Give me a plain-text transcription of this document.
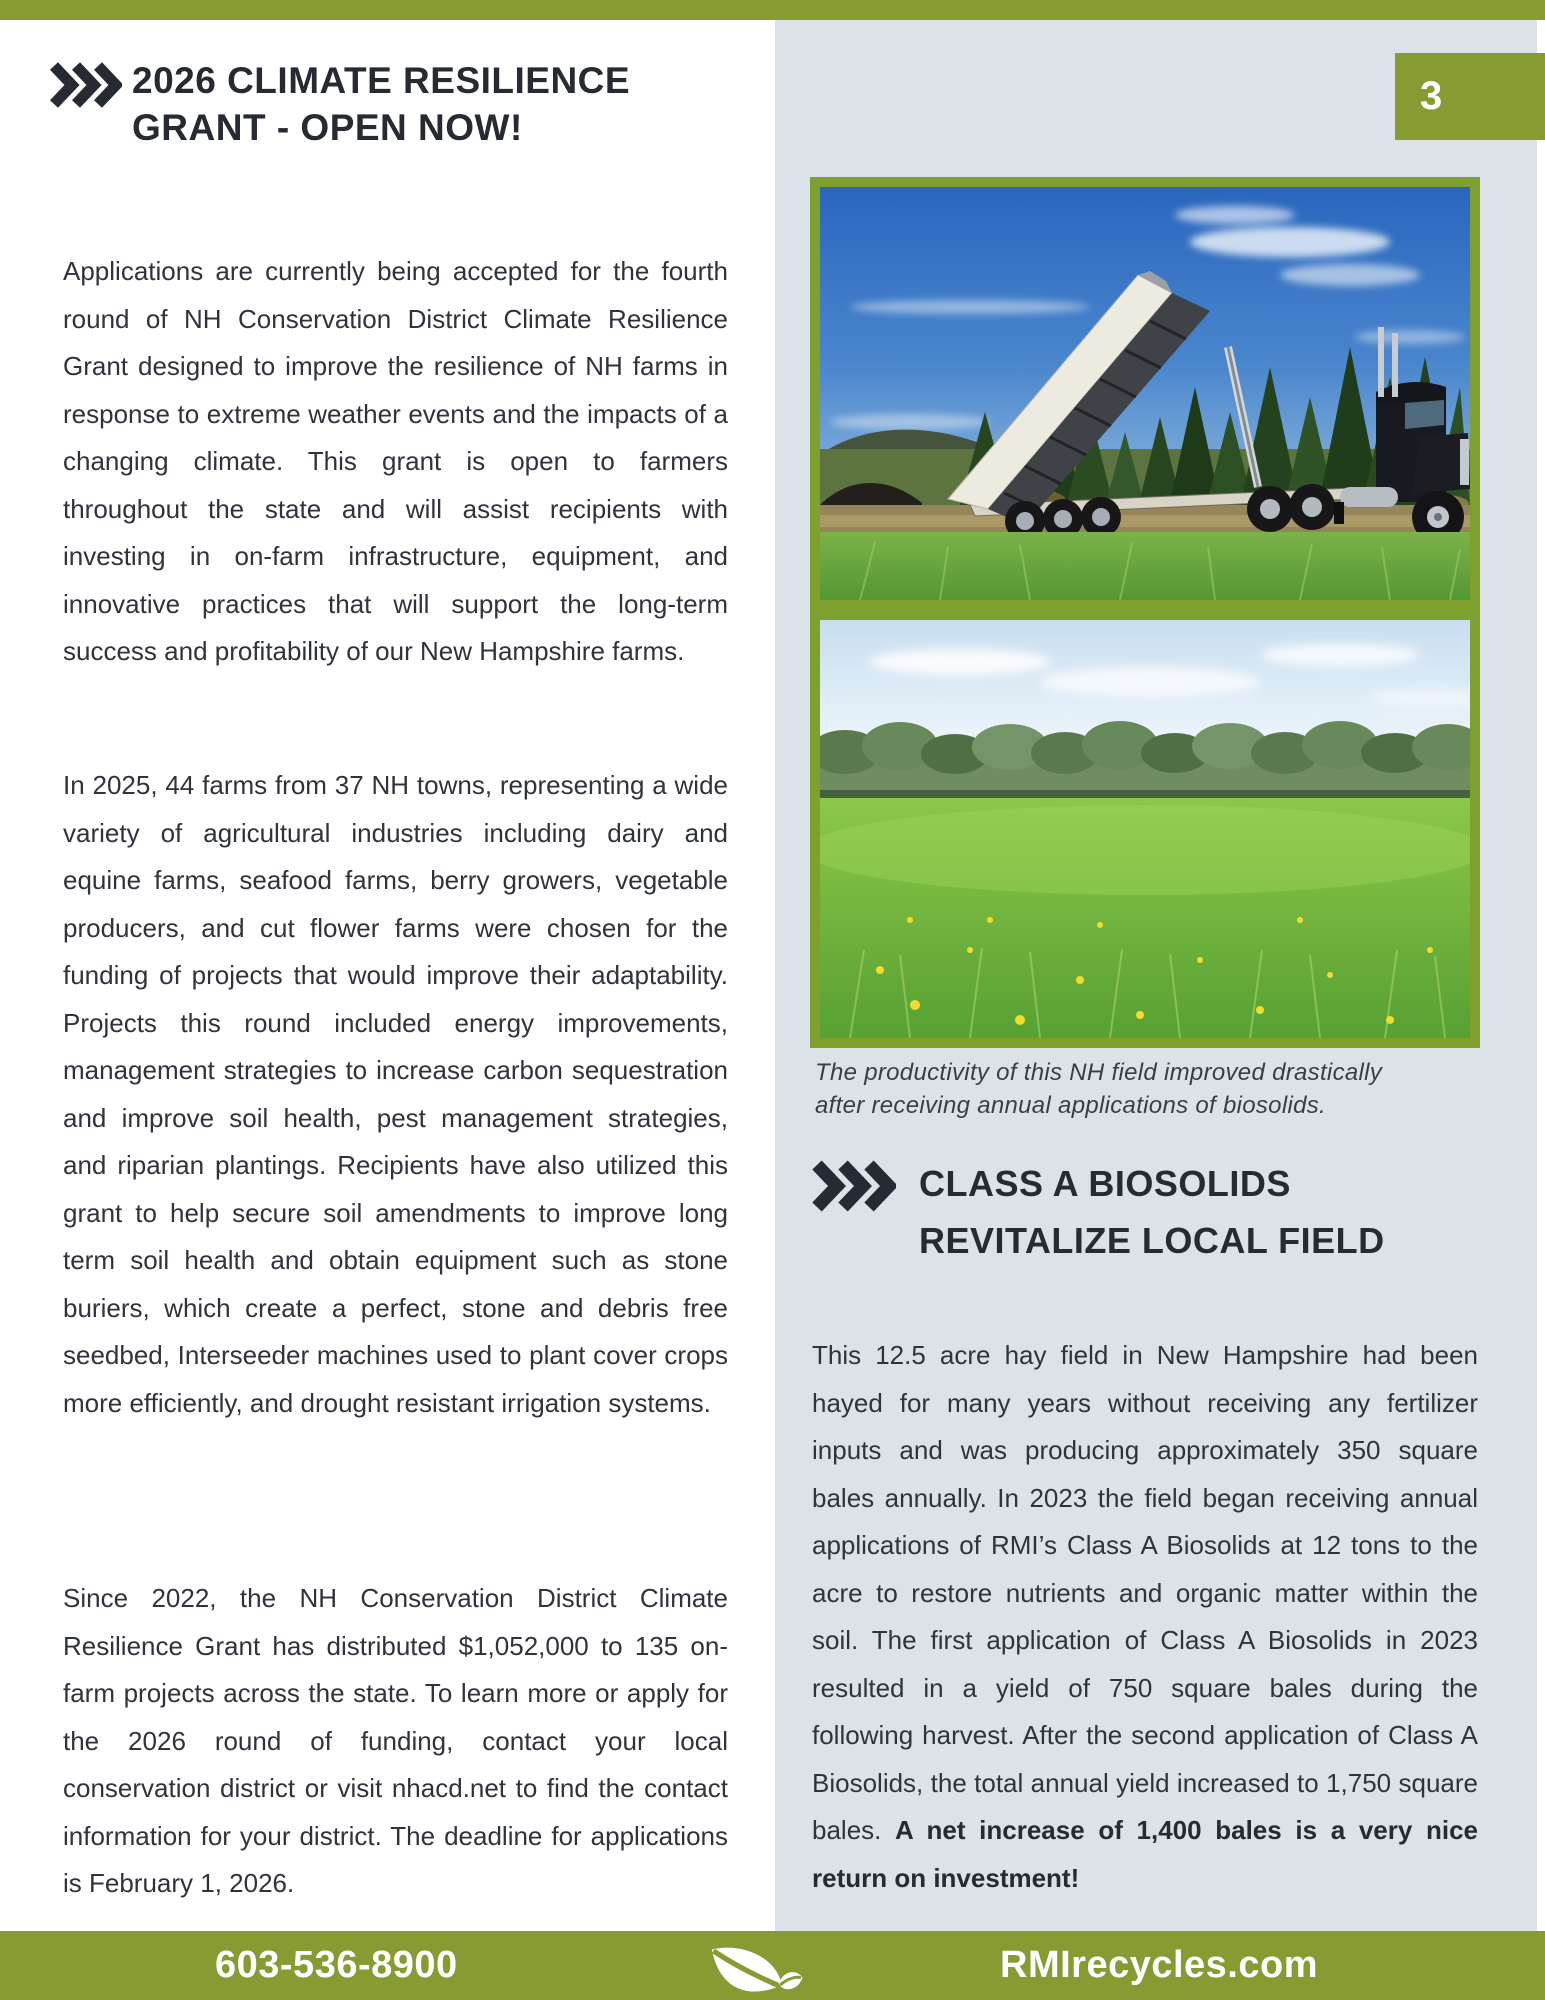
3
2026 CLIMATE RESILIENCE
GRANT - OPEN NOW!

Applications are currently being accepted for the fourth round of NH Conservation District Climate Resilience Grant designed to improve the resilience of NH farms in response to extreme weather events and the impacts of a changing climate. This grant is open to farmers throughout the state and will assist recipients with investing in on-farm infrastructure, equipment, and innovative practices that will support the long-term success and profitability of our New Hampshire farms.

In 2025, 44 farms from 37 NH towns, representing a wide variety of agricultural industries including dairy and equine farms, seafood farms, berry growers, vegetable producers, and cut flower farms were chosen for the funding of projects that would improve their adaptability. Projects this round included energy improvements, management strategies to increase carbon sequestration and improve soil health, pest management strategies, and riparian plantings. Recipients have also utilized this grant to help secure soil amendments to improve long term soil health and obtain equipment such as stone buriers, which create a perfect, stone and debris free seedbed, Interseeder machines used to plant cover crops more efficiently, and drought resistant irrigation systems.

Since 2022, the NH Conservation District Climate Resilience Grant has distributed $1,052,000 to 135 on-farm projects across the state. To learn more or apply for the 2026 round of funding, contact your local conservation district or visit nhacd.net to find the contact information for your district. The deadline for applications is February 1, 2026.

The productivity of this NH field improved drastically after receiving annual applications of biosolids.
CLASS A BIOSOLIDS
REVITALIZE LOCAL FIELD

This 12.5 acre hay field in New Hampshire had been hayed for many years without receiving any fertilizer inputs and was producing approximately 350 square bales annually. In 2023 the field began receiving annual applications of RMI’s Class A Biosolids at 12 tons to the acre to restore nutrients and organic matter within the soil. The first application of Class A Biosolids in 2023 resulted in a yield of 750 square bales during the following harvest. After the second application of Class A Biosolids, the total annual yield increased to 1,750 square bales. A net increase of 1,400 bales is a very nice return on investment!

603-536-8900	RMIrecycles.com
